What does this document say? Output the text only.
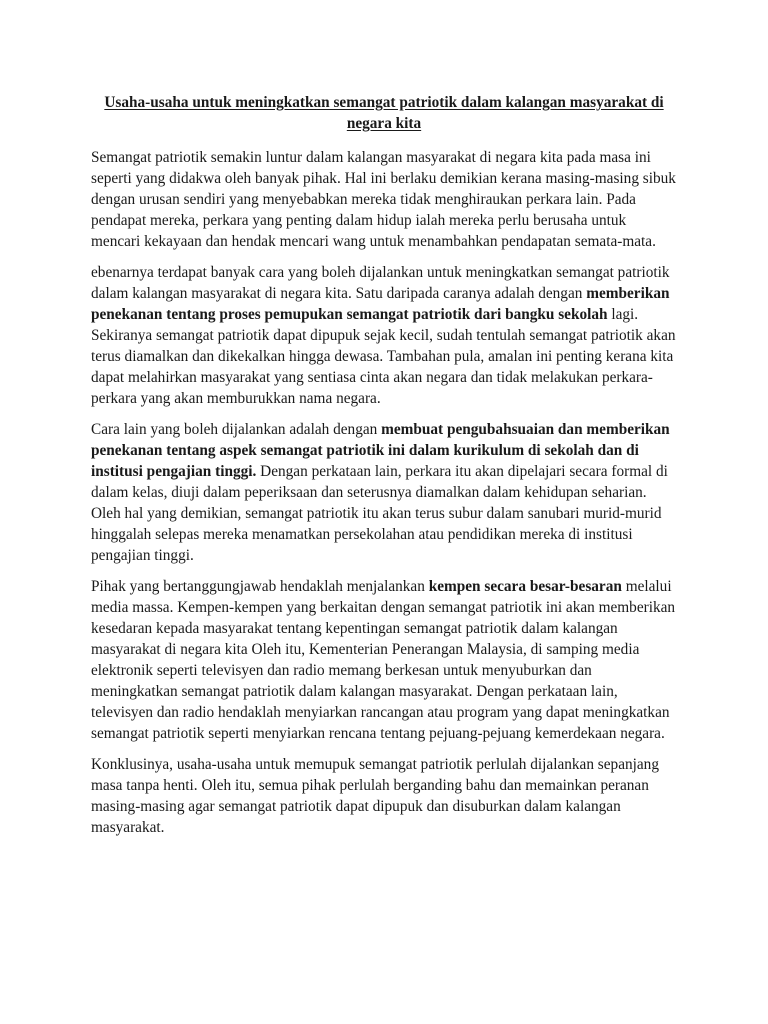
Usaha-usaha untuk meningkatkan semangat patriotik dalam kalangan masyarakat di negara kita

Semangat patriotik semakin luntur dalam kalangan masyarakat di negara kita pada masa ini seperti yang didakwa oleh banyak pihak. Hal ini berlaku demikian kerana masing-masing sibuk dengan urusan sendiri yang menyebabkan mereka tidak menghiraukan perkara lain. Pada pendapat mereka, perkara yang penting dalam hidup ialah mereka perlu berusaha untuk mencari kekayaan dan hendak mencari wang untuk menambahkan pendapatan semata-mata.

ebenarnya terdapat banyak cara yang boleh dijalankan untuk meningkatkan semangat patriotik dalam kalangan masyarakat di negara kita. Satu daripada caranya adalah dengan memberikan penekanan tentang proses pemupukan semangat patriotik dari bangku sekolah lagi. Sekiranya semangat patriotik dapat dipupuk sejak kecil, sudah tentulah semangat patriotik akan terus diamalkan dan dikekalkan hingga dewasa. Tambahan pula, amalan ini penting kerana kita dapat melahirkan masyarakat yang sentiasa cinta akan negara dan tidak melakukan perkara-perkara yang akan memburukkan nama negara.

Cara lain yang boleh dijalankan adalah dengan membuat pengubahsuaian dan memberikan penekanan tentang aspek semangat patriotik ini dalam kurikulum di sekolah dan di institusi pengajian tinggi. Dengan perkataan lain, perkara itu akan dipelajari secara formal di dalam kelas, diuji dalam peperiksaan dan seterusnya diamalkan dalam kehidupan seharian. Oleh hal yang demikian, semangat patriotik itu akan terus subur dalam sanubari murid-murid hinggalah selepas mereka menamatkan persekolahan atau pendidikan mereka di institusi pengajian tinggi.

Pihak yang bertanggungjawab hendaklah menjalankan kempen secara besar-besaran melalui media massa. Kempen-kempen yang berkaitan dengan semangat patriotik ini akan memberikan kesedaran kepada masyarakat tentang kepentingan semangat patriotik dalam kalangan masyarakat di negara kita Oleh itu, Kementerian Penerangan Malaysia, di samping media elektronik seperti televisyen dan radio memang berkesan untuk menyuburkan dan meningkatkan semangat patriotik dalam kalangan masyarakat. Dengan perkataan lain, televisyen dan radio hendaklah menyiarkan rancangan atau program yang dapat meningkatkan semangat patriotik seperti menyiarkan rencana tentang pejuang-pejuang kemerdekaan negara.

Konklusinya, usaha-usaha untuk memupuk semangat patriotik perlulah dijalankan sepanjang masa tanpa henti. Oleh itu, semua pihak perlulah berganding bahu dan memainkan peranan masing-masing agar semangat patriotik dapat dipupuk dan disuburkan dalam kalangan masyarakat.
